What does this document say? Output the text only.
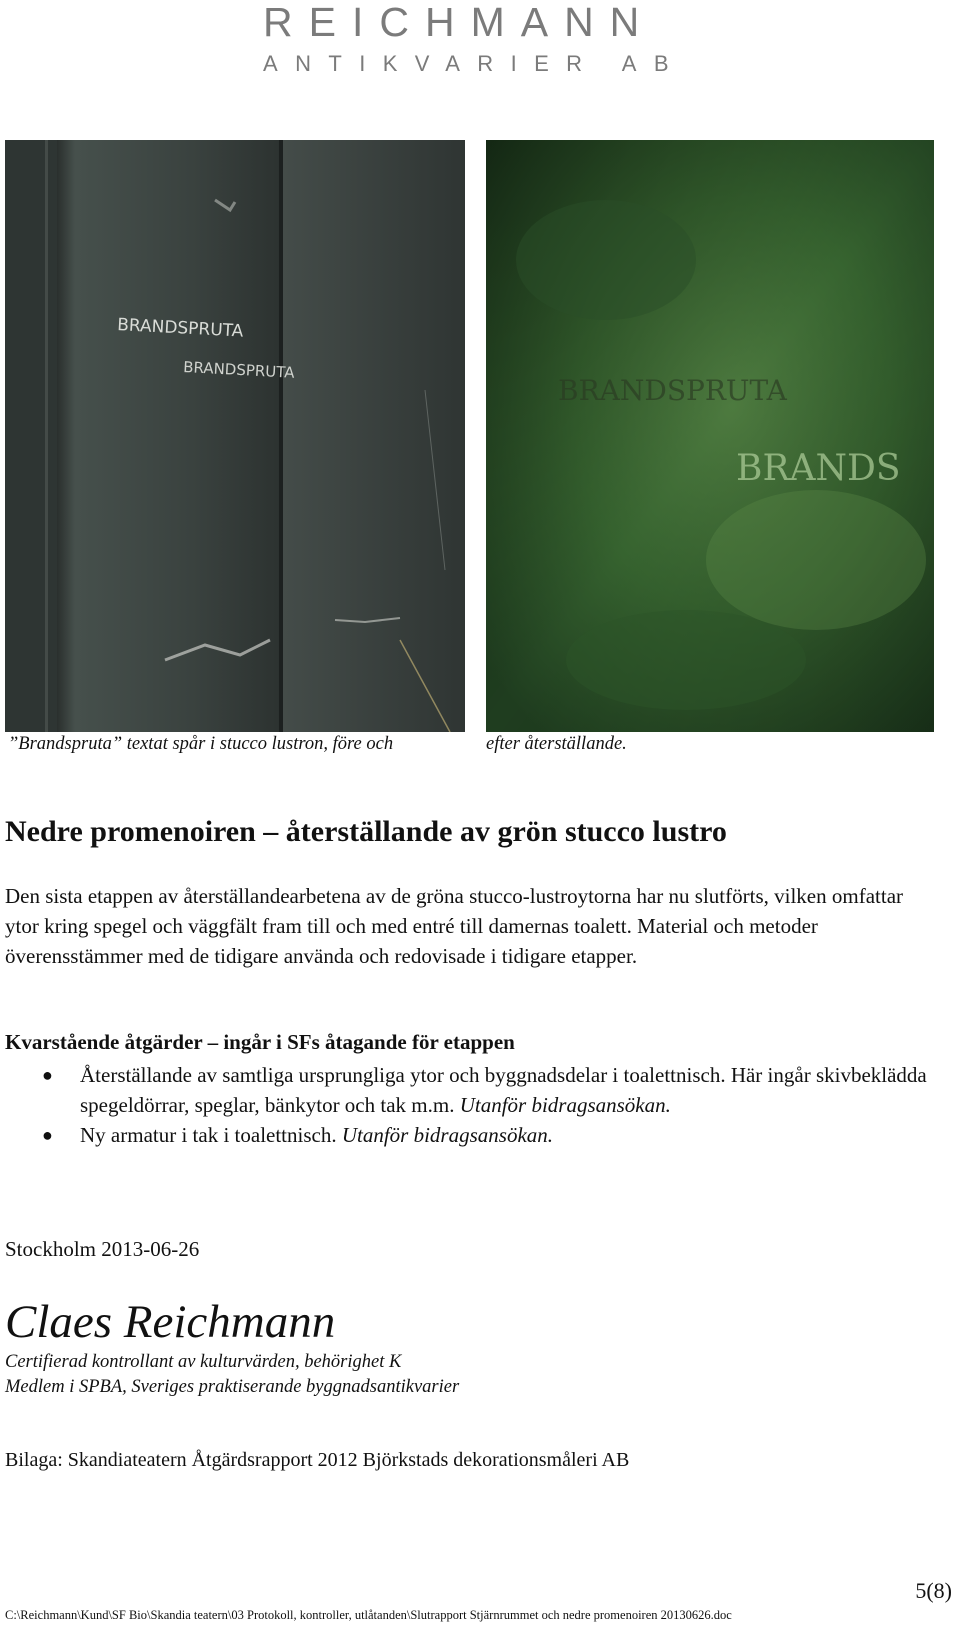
REICHMANN
ANTIKVARIER AB
BRANDSPRUTA
BRANDSPRUTA
BRANDSPRUTA
BRANDS
”Brandspruta” textat spår i stucco lustron, före och	efter återställande.
Nedre promenoiren – återställande av grön stucco lustro
Den sista etappen av återställandearbetena av de gröna stucco-lustroytorna har nu slutförts, vilken omfattar ytor kring spegel och väggfält fram till och med entré till damernas toalett. Material och metoder överensstämmer med de tidigare använda och redovisade i tidigare etapper.
Kvarstående åtgärder – ingår i SFs åtagande för etappen
● Återställande av samtliga ursprungliga ytor och byggnadsdelar i toalettnisch. Här ingår skivbeklädda spegeldörrar, speglar, bänkytor och tak m.m. Utanför bidragsansökan.
● Ny armatur i tak i toalettnisch. Utanför bidragsansökan.
Stockholm 2013-06-26
Claes Reichmann
Certifierad kontrollant av kulturvärden, behörighet K
Medlem i SPBA, Sveriges praktiserande byggnadsantikvarier
Bilaga: Skandiateatern Åtgärdsrapport 2012 Björkstads dekorationsmåleri AB
5(8)
C:\Reichmann\Kund\SF Bio\Skandia teatern\03 Protokoll, kontroller, utlåtanden\Slutrapport Stjärnrummet och nedre promenoiren 20130626.doc
